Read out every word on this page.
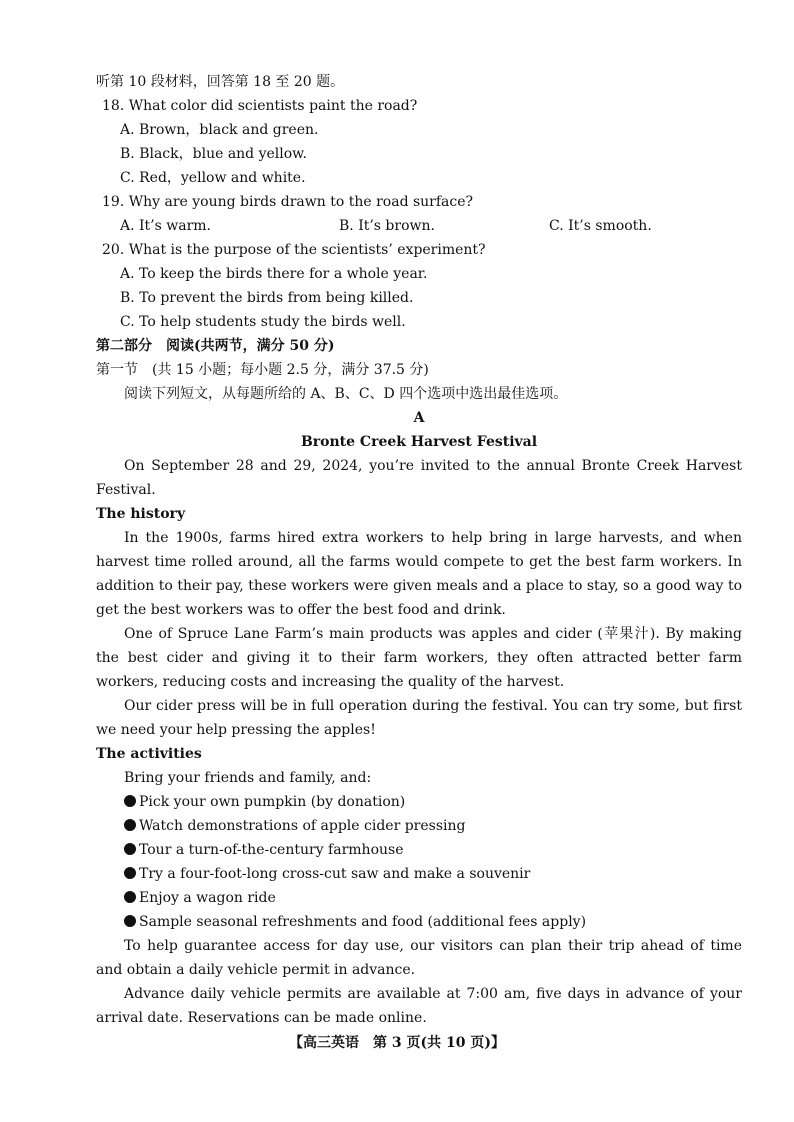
听第 10 段材料，回答第 18 至 20 题。
18. What color did scientists paint the road?
A. Brown，black and green.
B. Black，blue and yellow.
C. Red，yellow and white.
19. Why are young birds drawn to the road surface?
A. It’s warm.	B. It’s brown.	C. It’s smooth.
20. What is the purpose of the scientists’ experiment?
A. To keep the birds there for a whole year.
B. To prevent the birds from being killed.
C. To help students study the birds well.
第二部分　阅读(共两节，满分 50 分)
第一节　(共 15 小题；每小题 2.5 分，满分 37.5 分)
阅读下列短文，从每题所给的 A、B、C、D 四个选项中选出最佳选项。
A
Bronte Creek Harvest Festival

On September 28 and 29, 2024, you’re invited to the annual Bronte Creek Harvest Festival.

The history

In the 1900s, farms hired extra workers to help bring in large harvests, and when harvest time rolled around, all the farms would compete to get the best farm workers. In addition to their pay, these workers were given meals and a place to stay, so a good way to get the best workers was to offer the best food and drink.

One of Spruce Lane Farm’s main products was apples and cider (苹果汁). By making the best cider and giving it to their farm workers, they often attracted better farm workers, reducing costs and increasing the quality of the harvest.

Our cider press will be in full operation during the festival. You can try some, but first we need your help pressing the apples!

The activities
Bring your friends and family, and:
Pick your own pumpkin (by donation)
Watch demonstrations of apple cider pressing
Tour a turn-of-the-century farmhouse
Try a four-foot-long cross-cut saw and make a souvenir
Enjoy a wagon ride
Sample seasonal refreshments and food (additional fees apply)

To help guarantee access for day use, our visitors can plan their trip ahead of time and obtain a daily vehicle permit in advance.

Advance daily vehicle permits are available at 7:00 am, five days in advance of your arrival date. Reservations can be made online.

【高三英语　第 3 页(共 10 页)】
